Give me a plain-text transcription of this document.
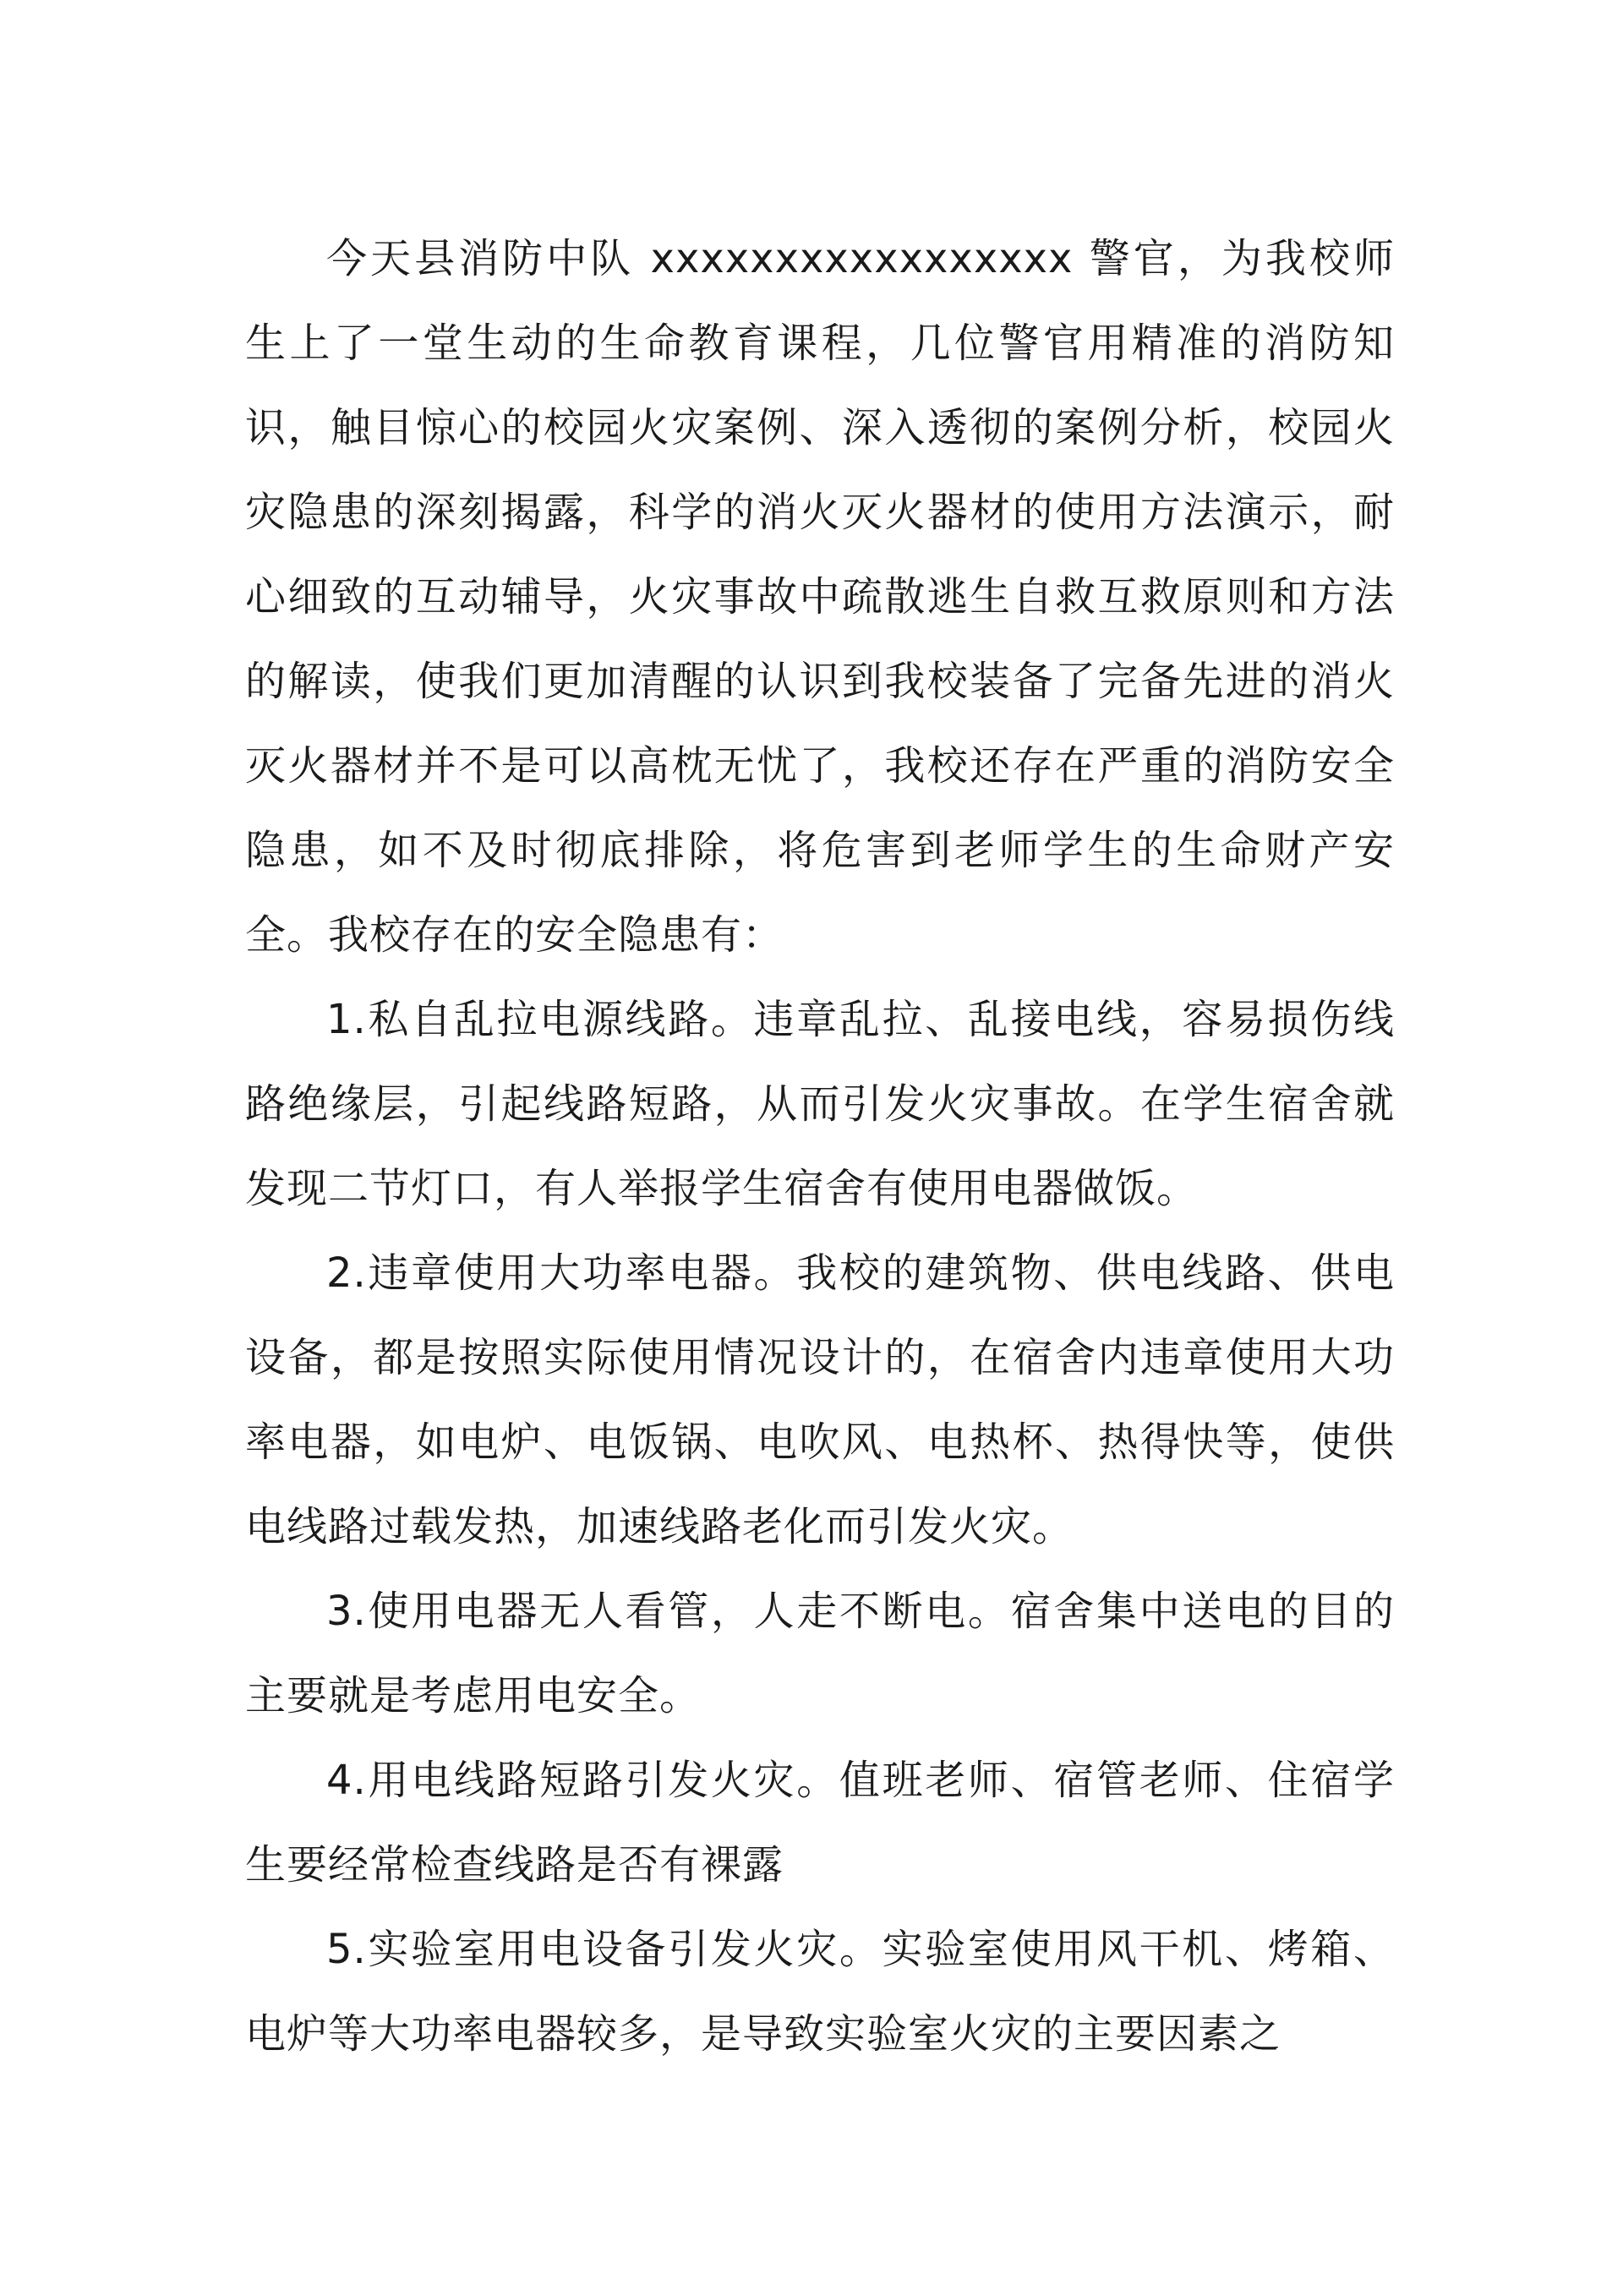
今天县消防中队 xxxxxxxxxxxxxxxxx 警官，为我校师生上了一堂生动的生命教育课程，几位警官用精准的消防知识，触目惊心的校园火灾案例、深入透彻的案例分析，校园火灾隐患的深刻揭露，科学的消火灭火器材的使用方法演示，耐心细致的互动辅导，火灾事故中疏散逃生自救互救原则和方法的解读，使我们更加清醒的认识到我校装备了完备先进的消火灭火器材并不是可以高枕无忧了，我校还存在严重的消防安全隐患，如不及时彻底排除，将危害到老师学生的生命财产安全。我校存在的安全隐患有：

1.私自乱拉电源线路。违章乱拉、乱接电线，容易损伤线路绝缘层，引起线路短路，从而引发火灾事故。在学生宿舍就发现二节灯口，有人举报学生宿舍有使用电器做饭。

2.违章使用大功率电器。我校的建筑物、供电线路、供电设备，都是按照实际使用情况设计的，在宿舍内违章使用大功率电器，如电炉、电饭锅、电吹风、电热杯、热得快等，使供电线路过载发热，加速线路老化而引发火灾。

3.使用电器无人看管，人走不断电。宿舍集中送电的目的主要就是考虑用电安全。

4.用电线路短路引发火灾。值班老师、宿管老师、住宿学生要经常检查线路是否有裸露

5.实验室用电设备引发火灾。实验室使用风干机、烤箱、电炉等大功率电器较多，是导致实验室火灾的主要因素之
